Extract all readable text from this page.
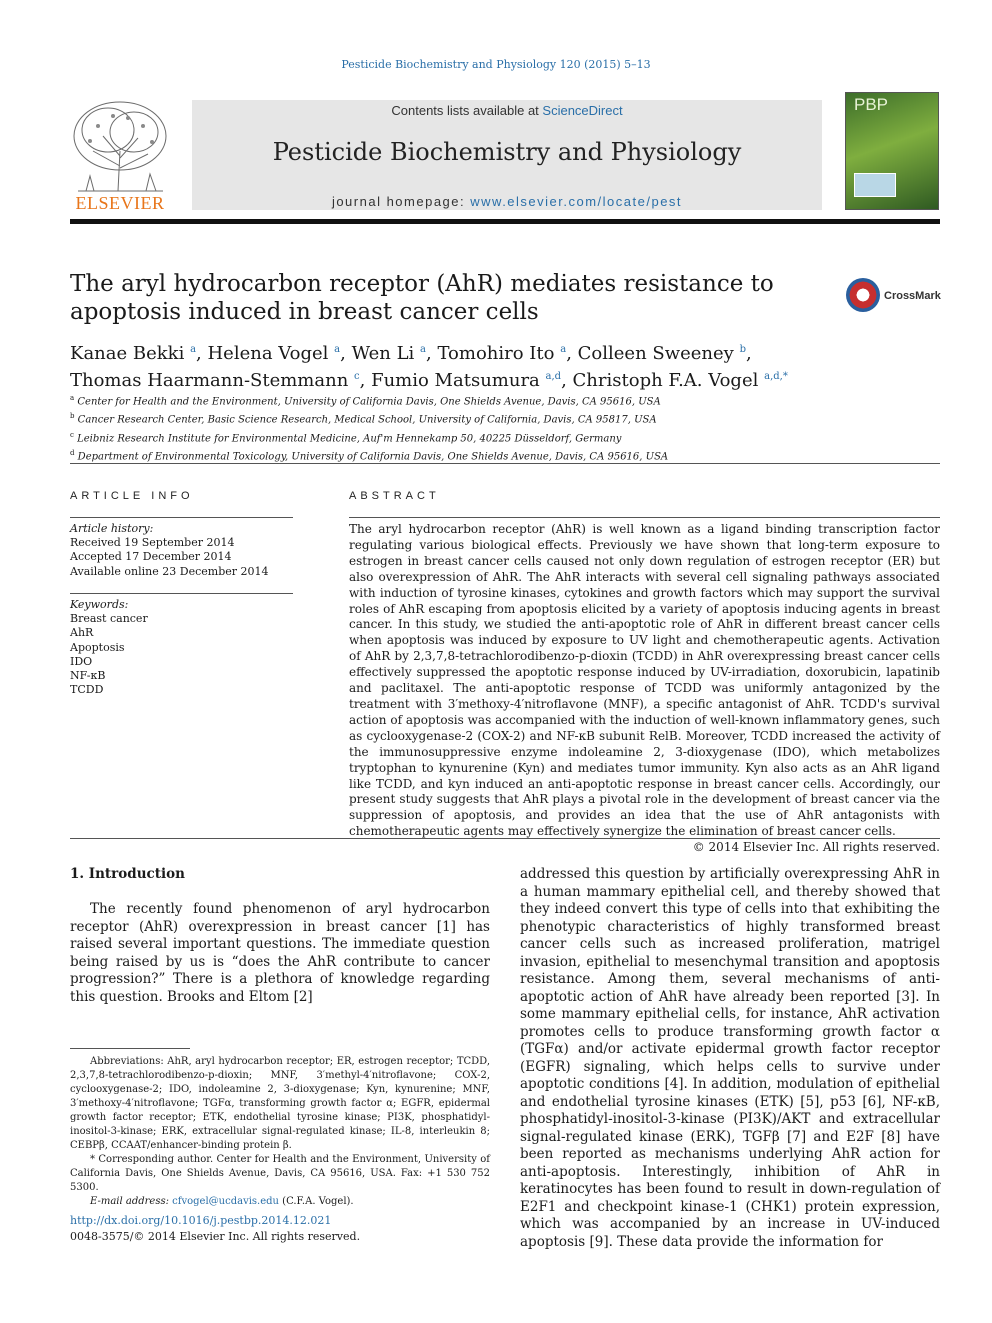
Pesticide Biochemistry and Physiology 120 (2015) 5–13
ELSEVIER
Contents lists available at ScienceDirect
Pesticide Biochemistry and Physiology
journal homepage: www.elsevier.com/locate/pest
PBP
The aryl hydrocarbon receptor (AhR) mediates resistance to apoptosis induced in breast cancer cells
CrossMark
Kanae Bekki $^a$, Helena Vogel $^a$, Wen Li $^a$, Tomohiro Ito $^a$, Colleen Sweeney $^b$,
Thomas Haarmann-Stemmann $^c$, Fumio Matsumura $^{a,d}$, Christoph F.A. Vogel $^{a,d,*}$
$^a$ Center for Health and the Environment, University of California Davis, One Shields Avenue, Davis, CA 95616, USA
$^b$ Cancer Research Center, Basic Science Research, Medical School, University of California, Davis, CA 95817, USA
$^c$ Leibniz Research Institute for Environmental Medicine, Auf'm Hennekamp 50, 40225 Düsseldorf, Germany
$^d$ Department of Environmental Toxicology, University of California Davis, One Shields Avenue, Davis, CA 95616, USA
ARTICLE INFO
Article history:
Received 19 September 2014
Accepted 17 December 2014
Available online 23 December 2014
Keywords:
Breast cancer
AhR
Apoptosis
IDO
NF-κB
TCDD
ABSTRACT
The aryl hydrocarbon receptor (AhR) is well known as a ligand binding transcription factor regulating various biological effects. Previously we have shown that long-term exposure to estrogen in breast cancer cells caused not only down regulation of estrogen receptor (ER) but also overexpression of AhR. The AhR interacts with several cell signaling pathways associated with induction of tyrosine kinases, cytokines and growth factors which may support the survival roles of AhR escaping from apoptosis elicited by a variety of apoptosis inducing agents in breast cancer. In this study, we studied the anti-apoptotic role of AhR in different breast cancer cells when apoptosis was induced by exposure to UV light and chemotherapeutic agents. Activation of AhR by 2,3,7,8-tetrachlorodibenzo-p-dioxin (TCDD) in AhR overexpressing breast cancer cells effectively suppressed the apoptotic response induced by UV-irradiation, doxorubicin, lapatinib and paclitaxel. The anti-apoptotic response of TCDD was uniformly antagonized by the treatment with 3′methoxy-4′nitroflavone (MNF), a specific antagonist of AhR. TCDD's survival action of apoptosis was accompanied with the induction of well-known inflammatory genes, such as cyclooxygenase-2 (COX-2) and NF-κB subunit RelB. Moreover, TCDD increased the activity of the immunosuppressive enzyme indoleamine 2, 3-dioxygenase (IDO), which metabolizes tryptophan to kynurenine (Kyn) and mediates tumor immunity. Kyn also acts as an AhR ligand like TCDD, and kyn induced an anti-apoptotic response in breast cancer cells. Accordingly, our present study suggests that AhR plays a pivotal role in the development of breast cancer via the suppression of apoptosis, and provides an idea that the use of AhR antagonists with chemotherapeutic agents may effectively synergize the elimination of breast cancer cells.
© 2014 Elsevier Inc. All rights reserved.
1. Introduction
The recently found phenomenon of aryl hydrocarbon receptor (AhR) overexpression in breast cancer [1] has raised several important questions. The immediate question being raised by us is “does the AhR contribute to cancer progression?” There is a plethora of knowledge regarding this question. Brooks and Eltom [2]
addressed this question by artificially overexpressing AhR in a human mammary epithelial cell, and thereby showed that they indeed convert this type of cells into that exhibiting the phenotypic characteristics of highly transformed breast cancer cells such as increased proliferation, matrigel invasion, epithelial to mesenchymal transition and apoptosis resistance. Among them, several mechanisms of anti-apoptotic action of AhR have already been reported [3]. In some mammary epithelial cells, for instance, AhR activation promotes cells to produce transforming growth factor α (TGFα) and/or activate epidermal growth factor receptor (EGFR) signaling, which helps cells to survive under apoptotic conditions [4]. In addition, modulation of epithelial and endothelial tyrosine kinases (ETK) [5], p53 [6], NF-κB, phosphatidyl-inositol-3-kinase (PI3K)/AKT and extracellular signal-regulated kinase (ERK), TGFβ [7] and E2F [8] have been reported as mechanisms underlying AhR action for anti-apoptosis. Interestingly, inhibition of AhR in keratinocytes has been found to result in down-regulation of E2F1 and checkpoint kinase-1 (CHK1) protein expression, which was accompanied by an increase in UV-induced apoptosis [9]. These data provide the information for

Abbreviations: AhR, aryl hydrocarbon receptor; ER, estrogen receptor; TCDD, 2,3,7,8-tetrachlorodibenzo-p-dioxin; MNF, 3′methyl-4′nitroflavone; COX-2, cyclooxygenase-2; IDO, indoleamine 2, 3-dioxygenase; Kyn, kynurenine; MNF, 3′methoxy-4′nitroflavone; TGFα, transforming growth factor α; EGFR, epidermal growth factor receptor; ETK, endothelial tyrosine kinase; PI3K, phosphatidyl-inositol-3-kinase; ERK, extracellular signal-regulated kinase; IL-8, interleukin 8; CEBPβ, CCAAT/enhancer-binding protein β.

* Corresponding author. Center for Health and the Environment, University of California Davis, One Shields Avenue, Davis, CA 95616, USA. Fax: +1 530 752 5300.

E-mail address: cfvogel@ucdavis.edu (C.F.A. Vogel).

http://dx.doi.org/10.1016/j.pestbp.2014.12.021
0048-3575/© 2014 Elsevier Inc. All rights reserved.
